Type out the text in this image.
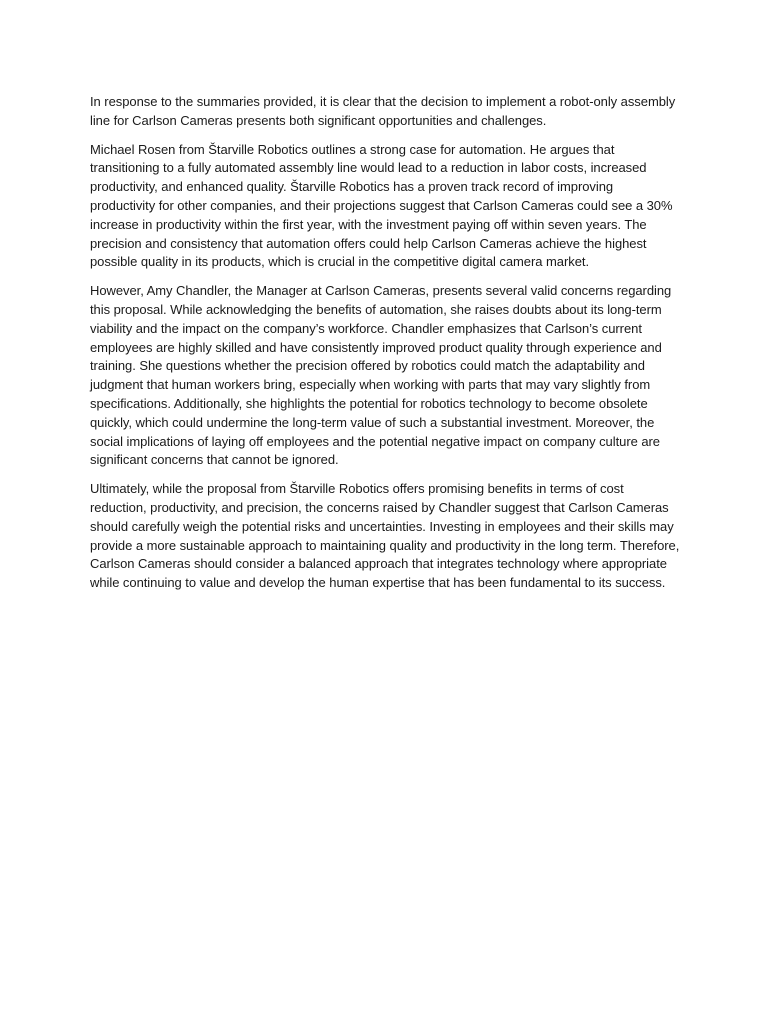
In response to the summaries provided, it is clear that the decision to implement a robot-only assembly line for Carlson Cameras presents both significant opportunities and challenges.

Michael Rosen from Štarville Robotics outlines a strong case for automation. He argues that transitioning to a fully automated assembly line would lead to a reduction in labor costs, increased productivity, and enhanced quality. Štarville Robotics has a proven track record of improving productivity for other companies, and their projections suggest that Carlson Cameras could see a 30% increase in productivity within the first year, with the investment paying off within seven years. The precision and consistency that automation offers could help Carlson Cameras achieve the highest possible quality in its products, which is crucial in the competitive digital camera market.

However, Amy Chandler, the Manager at Carlson Cameras, presents several valid concerns regarding this proposal. While acknowledging the benefits of automation, she raises doubts about its long-term viability and the impact on the company’s workforce. Chandler emphasizes that Carlson’s current employees are highly skilled and have consistently improved product quality through experience and training. She questions whether the precision offered by robotics could match the adaptability and judgment that human workers bring, especially when working with parts that may vary slightly from specifications. Additionally, she highlights the potential for robotics technology to become obsolete quickly, which could undermine the long-term value of such a substantial investment. Moreover, the social implications of laying off employees and the potential negative impact on company culture are significant concerns that cannot be ignored.

Ultimately, while the proposal from Štarville Robotics offers promising benefits in terms of cost reduction, productivity, and precision, the concerns raised by Chandler suggest that Carlson Cameras should carefully weigh the potential risks and uncertainties. Investing in employees and their skills may provide a more sustainable approach to maintaining quality and productivity in the long term. Therefore, Carlson Cameras should consider a balanced approach that integrates technology where appropriate while continuing to value and develop the human expertise that has been fundamental to its success.
